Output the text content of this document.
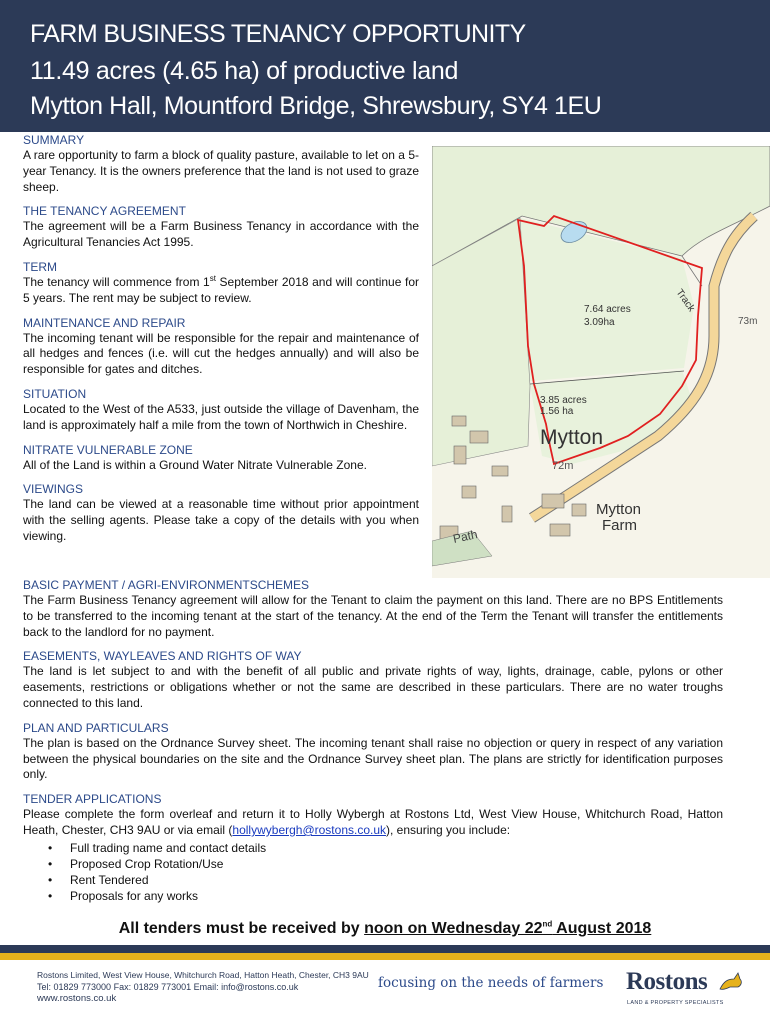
FARM BUSINESS TENANCY OPPORTUNITY
11.49 acres (4.65 ha) of productive land
Mytton Hall, Mountford Bridge, Shrewsbury, SY4 1EU
SUMMARY

A rare opportunity to farm a block of quality pasture, available to let on a 5-year Tenancy. It is the owners preference that the land is not used to graze sheep.

THE TENANCY AGREEMENT

The agreement will be a Farm Business Tenancy in accordance with the Agricultural Tenancies Act 1995.

TERM

The tenancy will commence from 1st September 2018 and will continue for 5 years. The rent may be subject to review.

MAINTENANCE AND REPAIR

The incoming tenant will be responsible for the repair and maintenance of all hedges and fences (i.e. will cut the hedges annually) and will also be responsible for gates and ditches.

SITUATION

Located to the West of the A533, just outside the village of Davenham, the land is approximately half a mile from the town of Northwich in Cheshire.

NITRATE VULNERABLE ZONE

All of the Land is within a Ground Water Nitrate Vulnerable Zone.

VIEWINGS

The land can be viewed at a reasonable time without prior appointment with the selling agents. Please take a copy of the details with you when viewing.

7.64 acres
3.09ha
3.85 acres
1.56 ha
Mytton
Mytton
Farm
Track
Path
72m
73m
BASIC PAYMENT / AGRI-ENVIRONMENTSCHEMES

The Farm Business Tenancy agreement will allow for the Tenant to claim the payment on this land. There are no BPS Entitlements to be transferred to the incoming tenant at the start of the tenancy. At the end of the Term the Tenant will transfer the entitlements back to the landlord for no payment.

EASEMENTS, WAYLEAVES AND RIGHTS OF WAY

The land is let subject to and with the benefit of all public and private rights of way, lights, drainage, cable, pylons or other easements, restrictions or obligations whether or not the same are described in these particulars. There are no water troughs connected to this land.

PLAN AND PARTICULARS

The plan is based on the Ordnance Survey sheet. The incoming tenant shall raise no objection or query in respect of any variation between the physical boundaries on the site and the Ordnance Survey sheet plan. The plans are strictly for identification purposes only.

TENDER APPLICATIONS

Please complete the form overleaf and return it to Holly Wybergh at Rostons Ltd, West View House, Whitchurch Road, Hatton Heath, Chester, CH3 9AU or via email (hollywybergh@rostons.co.uk), ensuring you include:

• Full trading name and contact details
• Proposed Crop Rotation/Use
• Rent Tendered
• Proposals for any works
All tenders must be received by noon on Wednesday 22nd August 2018
Rostons Limited, West View House, Whitchurch Road, Hatton Heath, Chester, CH3 9AU
Tel: 01829 773000 Fax: 01829 773001 Email: info@rostons.co.uk
www.rostons.co.uk
focusing on the needs of farmers Rostons
LAND & PROPERTY SPECIALISTS
